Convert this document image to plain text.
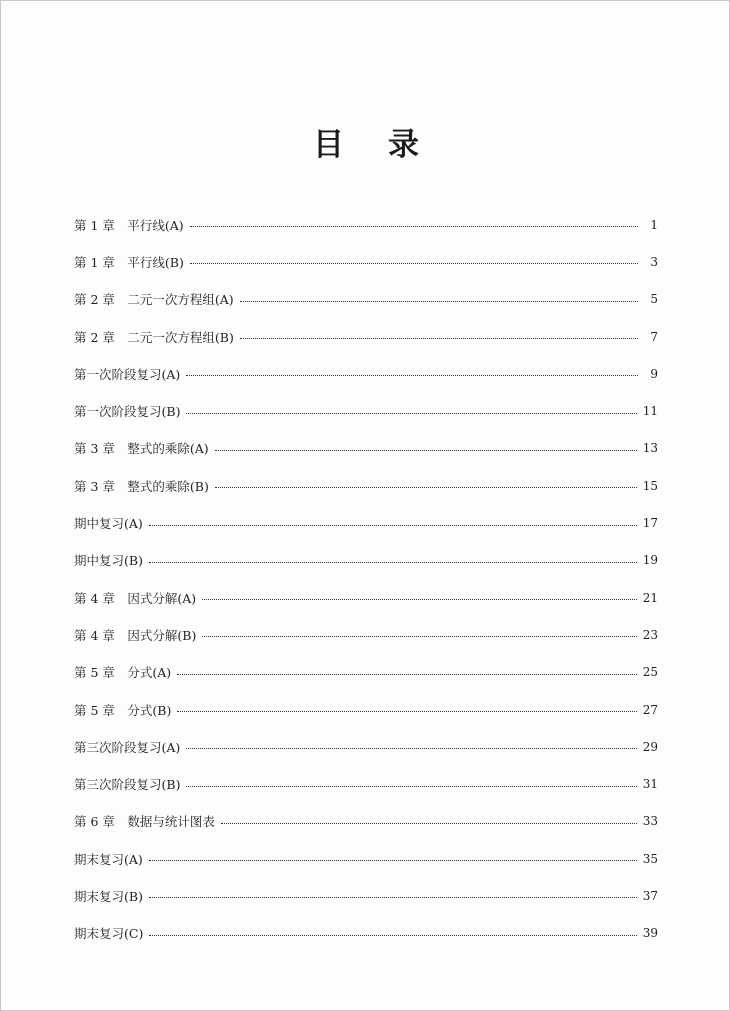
目录
第 1 章　平行线(A)	1
第 1 章　平行线(B)	3
第 2 章　二元一次方程组(A)	5
第 2 章　二元一次方程组(B)	7
第一次阶段复习(A)	9
第一次阶段复习(B)	11
第 3 章　整式的乘除(A)	13
第 3 章　整式的乘除(B)	15
期中复习(A)	17
期中复习(B)	19
第 4 章　因式分解(A)	21
第 4 章　因式分解(B)	23
第 5 章　分式(A)	25
第 5 章　分式(B)	27
第三次阶段复习(A)	29
第三次阶段复习(B)	31
第 6 章　数据与统计图表	33
期末复习(A)	35
期末复习(B)	37
期末复习(C)	39
